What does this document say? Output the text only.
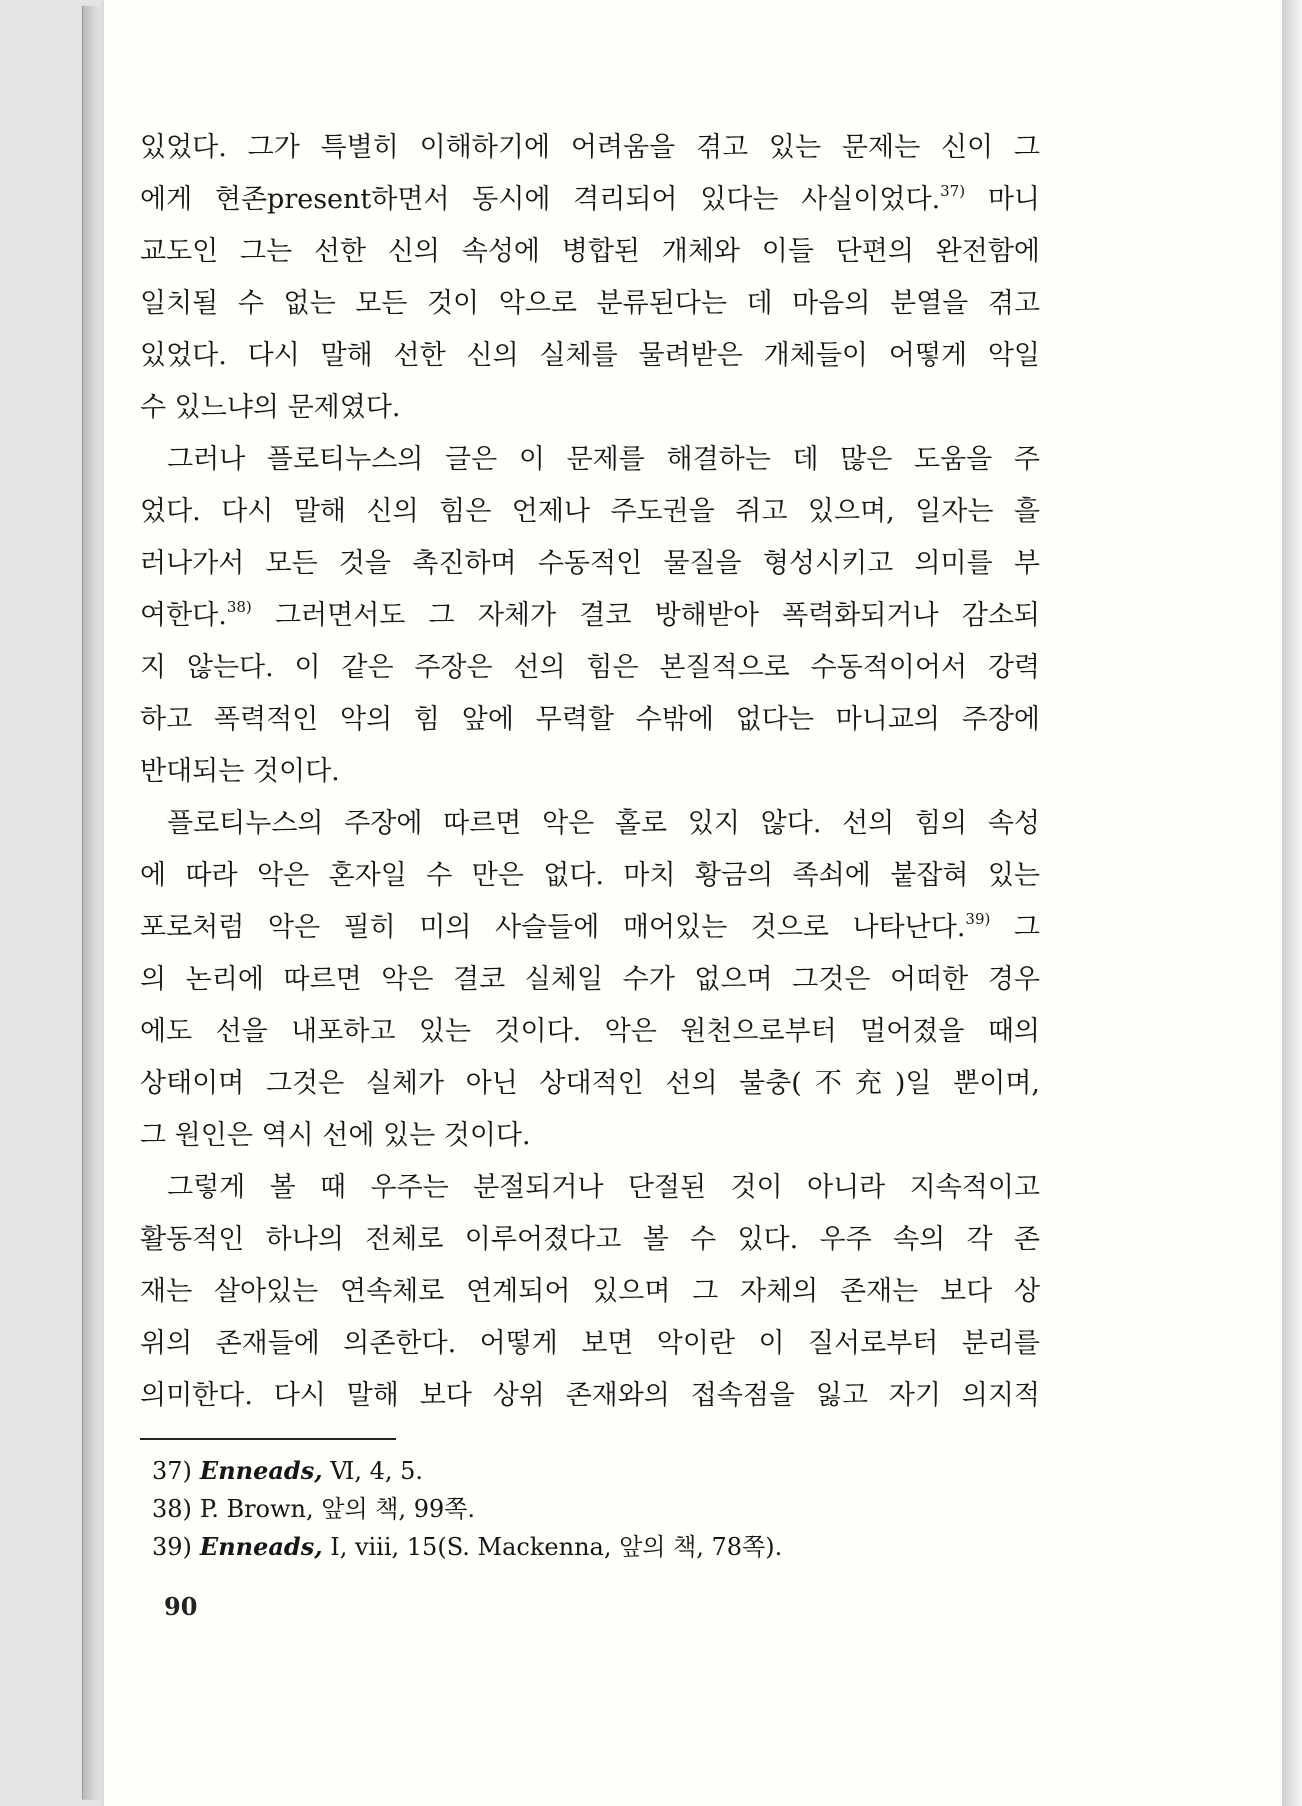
있었다. 그가 특별히 이해하기에 어려움을 겪고 있는 문제는 신이 그
에게 현존present하면서 동시에 격리되어 있다는 사실이었다.$^{37)}$ 마니
교도인 그는 선한 신의 속성에 병합된 개체와 이들 단편의 완전함에
일치될 수 없는 모든 것이 악으로 분류된다는 데 마음의 분열을 겪고
있었다. 다시 말해 선한 신의 실체를 물려받은 개체들이 어떻게 악일
수 있느냐의 문제였다.
그러나 플로티누스의 글은 이 문제를 해결하는 데 많은 도움을 주
었다. 다시 말해 신의 힘은 언제나 주도권을 쥐고 있으며, 일자는 흘
러나가서 모든 것을 촉진하며 수동적인 물질을 형성시키고 의미를 부
여한다.$^{38)}$ 그러면서도 그 자체가 결코 방해받아 폭력화되거나 감소되
지 않는다. 이 같은 주장은 선의 힘은 본질적으로 수동적이어서 강력
하고 폭력적인 악의 힘 앞에 무력할 수밖에 없다는 마니교의 주장에
반대되는 것이다.
플로티누스의 주장에 따르면 악은 홀로 있지 않다. 선의 힘의 속성
에 따라 악은 혼자일 수 만은 없다. 마치 황금의 족쇠에 붙잡혀 있는
포로처럼 악은 필히 미의 사슬들에 매어있는 것으로 나타난다.$^{39)}$ 그
의 논리에 따르면 악은 결코 실체일 수가 없으며 그것은 어떠한 경우
에도 선을 내포하고 있는 것이다. 악은 원천으로부터 멀어졌을 때의
상태이며 그것은 실체가 아닌 상대적인 선의 불충(不充)일 뿐이며,
그 원인은 역시 선에 있는 것이다.
그렇게 볼 때 우주는 분절되거나 단절된 것이 아니라 지속적이고
활동적인 하나의 전체로 이루어졌다고 볼 수 있다. 우주 속의 각 존
재는 살아있는 연속체로 연계되어 있으며 그 자체의 존재는 보다 상
위의 존재들에 의존한다. 어떻게 보면 악이란 이 질서로부터 분리를
의미한다. 다시 말해 보다 상위 존재와의 접속점을 잃고 자기 의지적
37) Enneads, Ⅵ, 4, 5.
38) P. Brown, 앞의 책, 99쪽.
39) Enneads, Ⅰ, viii, 15(S. Mackenna, 앞의 책, 78쪽).
90
